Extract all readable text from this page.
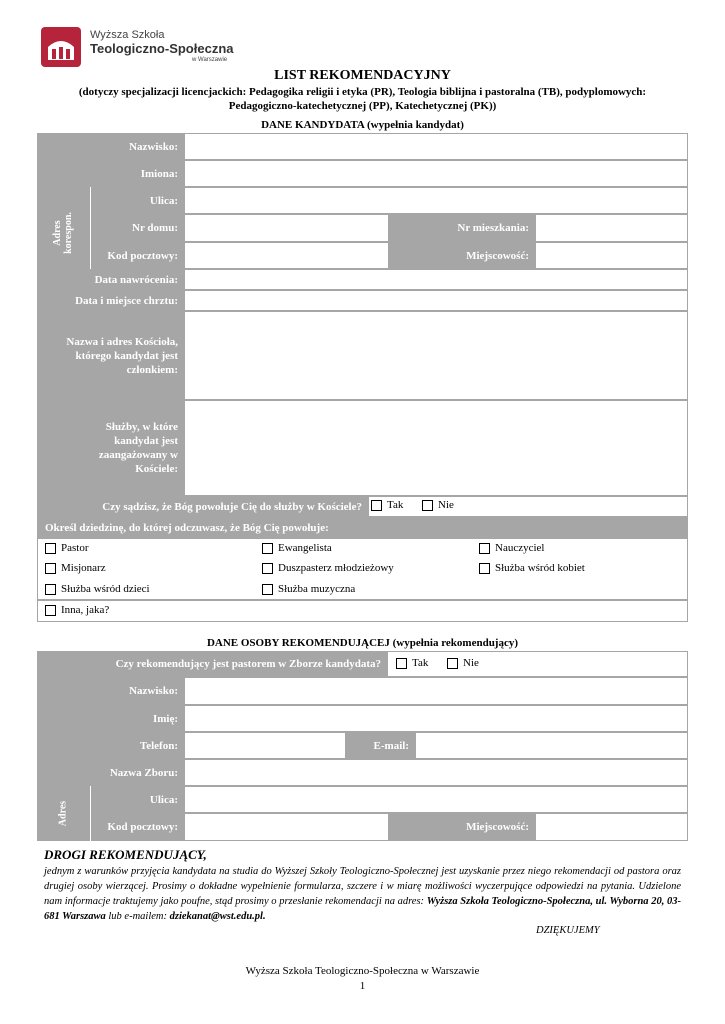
Wyższa Szkoła
Teologiczno-Społeczna
w Warszawie
LIST REKOMENDACYJNY
(dotyczy specjalizacji licencjackich: Pedagogika religii i etyka (PR), Teologia biblijna i pastoralna (TB), podyplomowych: Pedagogiczno-katechetycznej (PP), Katechetycznej (PK))
DANE KANDYDATA (wypełnia kandydat)
Nazwisko:
Imiona:
Adres
korespon.
Ulica:
Nr domu:	Nr mieszkania:
Kod pocztowy:	Miejscowość:
Data nawrócenia:
Data i miejsce chrztu:
Nazwa i adres Kościoła,
którego kandydat jest
członkiem:
Służby, w które
kandydat jest
zaangażowany w
Kościele:
Czy sądzisz, że Bóg powołuje Cię do służby w Kościele?	Tak	Nie
Określ dziedzinę, do której odczuwasz, że Bóg Cię powołuje:
Pastor	Ewangelista	Nauczyciel
Misjonarz	Duszpasterz młodzieżowy	Służba wśród kobiet
Służba wśród dzieci	Służba muzyczna
Inna, jaka?
DANE OSOBY REKOMENDUJĄCEJ (wypełnia rekomendujący)
Czy rekomendujący jest pastorem w Zborze kandydata?	Tak	Nie
Nazwisko:
Imię:
Telefon:	E-mail:
Nazwa Zboru:
Adres
Ulica:
Kod pocztowy:	Miejscowość:
DROGI REKOMENDUJĄCY,
jednym z warunków przyjęcia kandydata na studia do Wyższej Szkoły Teologiczno-Społecznej jest uzyskanie przez niego rekomendacji od pastora oraz drugiej osoby wierzącej. Prosimy o dokładne wypełnienie formularza, szczere i w miarę możliwości wyczerpujące odpowiedzi na pytania. Udzielone nam informacje traktujemy jako poufne, stąd prosimy o przesłanie rekomendacji na adres: Wyższa Szkoła Teologiczno-Społeczna, ul. Wyborna 20, 03-681 Warszawa lub e-mailem: dziekanat@wst.edu.pl.
DZIĘKUJEMY
Wyższa Szkoła Teologiczno-Społeczna w Warszawie
1
